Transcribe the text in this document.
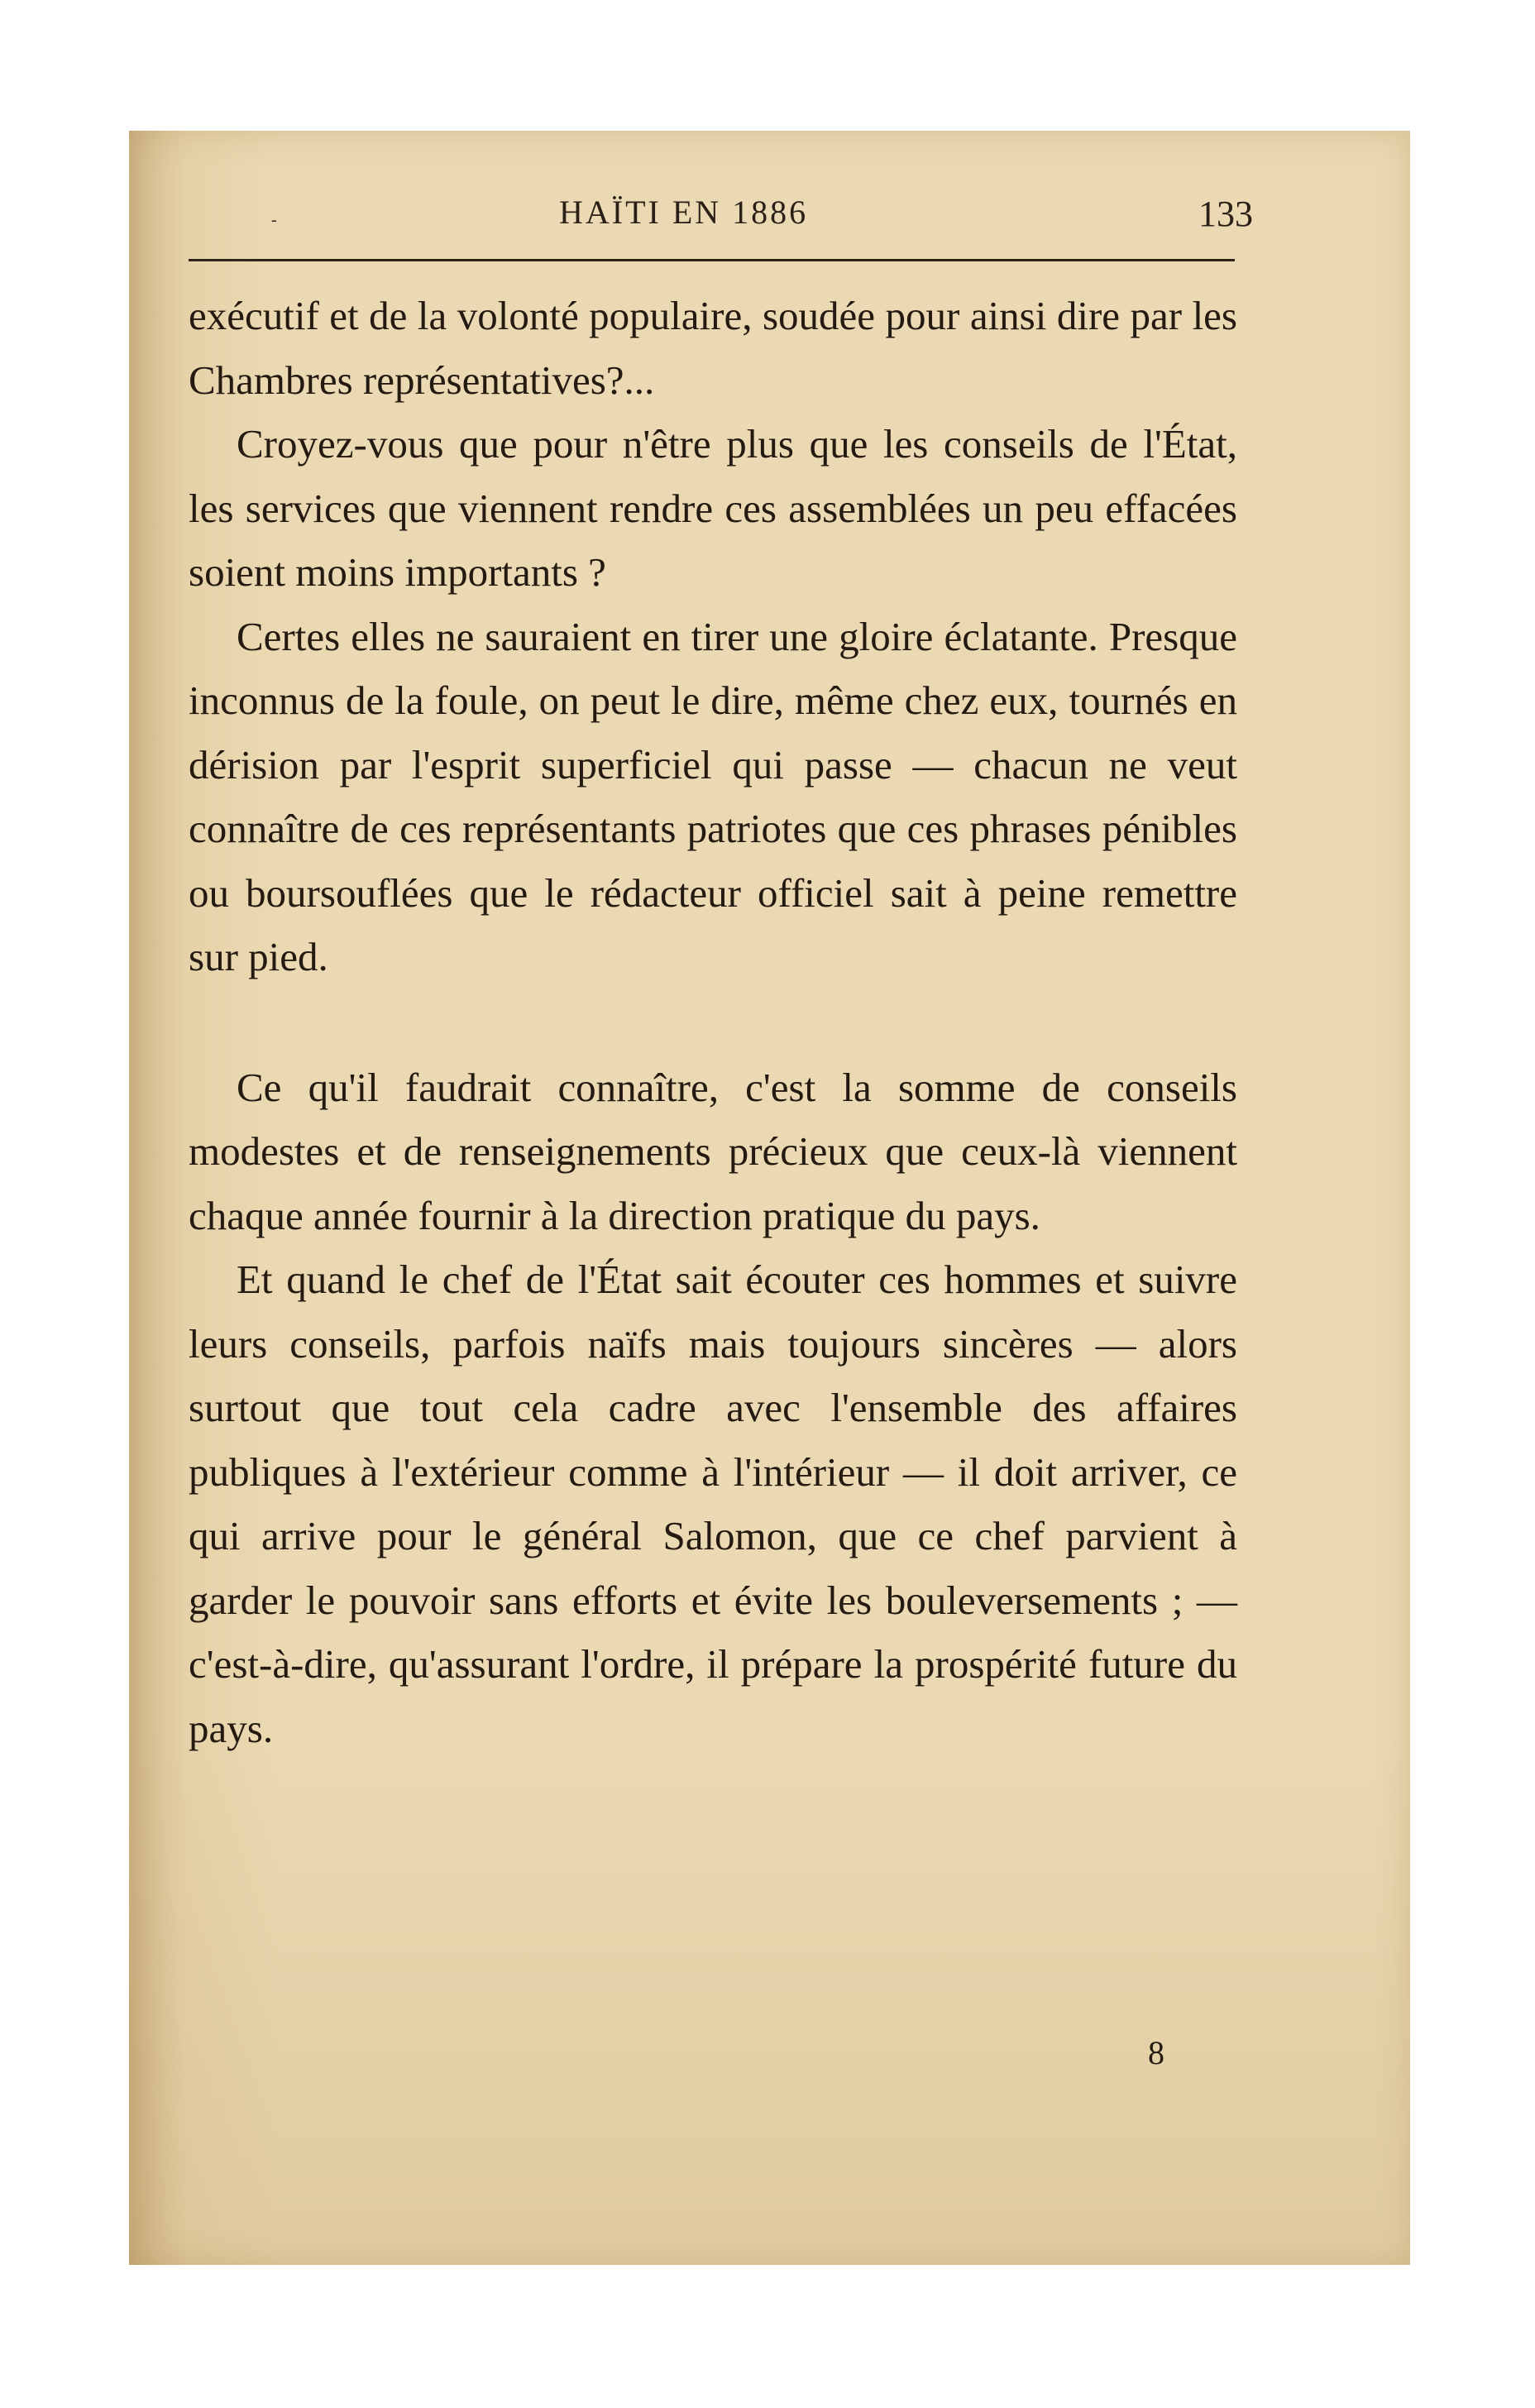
-	HAÏTI EN 1886	133

exécutif et de la volonté populaire, soudée pour ainsi dire par les Chambres représentatives?...

Croyez-vous que pour n'être plus que les conseils de l'État, les services que viennent rendre ces assemblées un peu effacées soient moins importants ?

Certes elles ne sauraient en tirer une gloire éclatante. Presque inconnus de la foule, on peut le dire, même chez eux, tournés en dérision par l'esprit superficiel qui passe — chacun ne veut connaître de ces représentants patriotes que ces phrases pénibles ou boursouflées que le rédacteur officiel sait à peine remettre sur pied.

Ce qu'il faudrait connaître, c'est la somme de conseils modestes et de renseignements précieux que ceux-là viennent chaque année fournir à la direction pratique du pays.

Et quand le chef de l'État sait écouter ces hommes et suivre leurs conseils, parfois naïfs mais toujours sincères — alors surtout que tout cela cadre avec l'ensemble des affaires publiques à l'extérieur comme à l'intérieur — il doit arriver, ce qui arrive pour le général Salomon, que ce chef parvient à garder le pouvoir sans efforts et évite les bouleversements ; — c'est-à-dire, qu'assurant l'ordre, il prépare la prospérité future du pays.

8
